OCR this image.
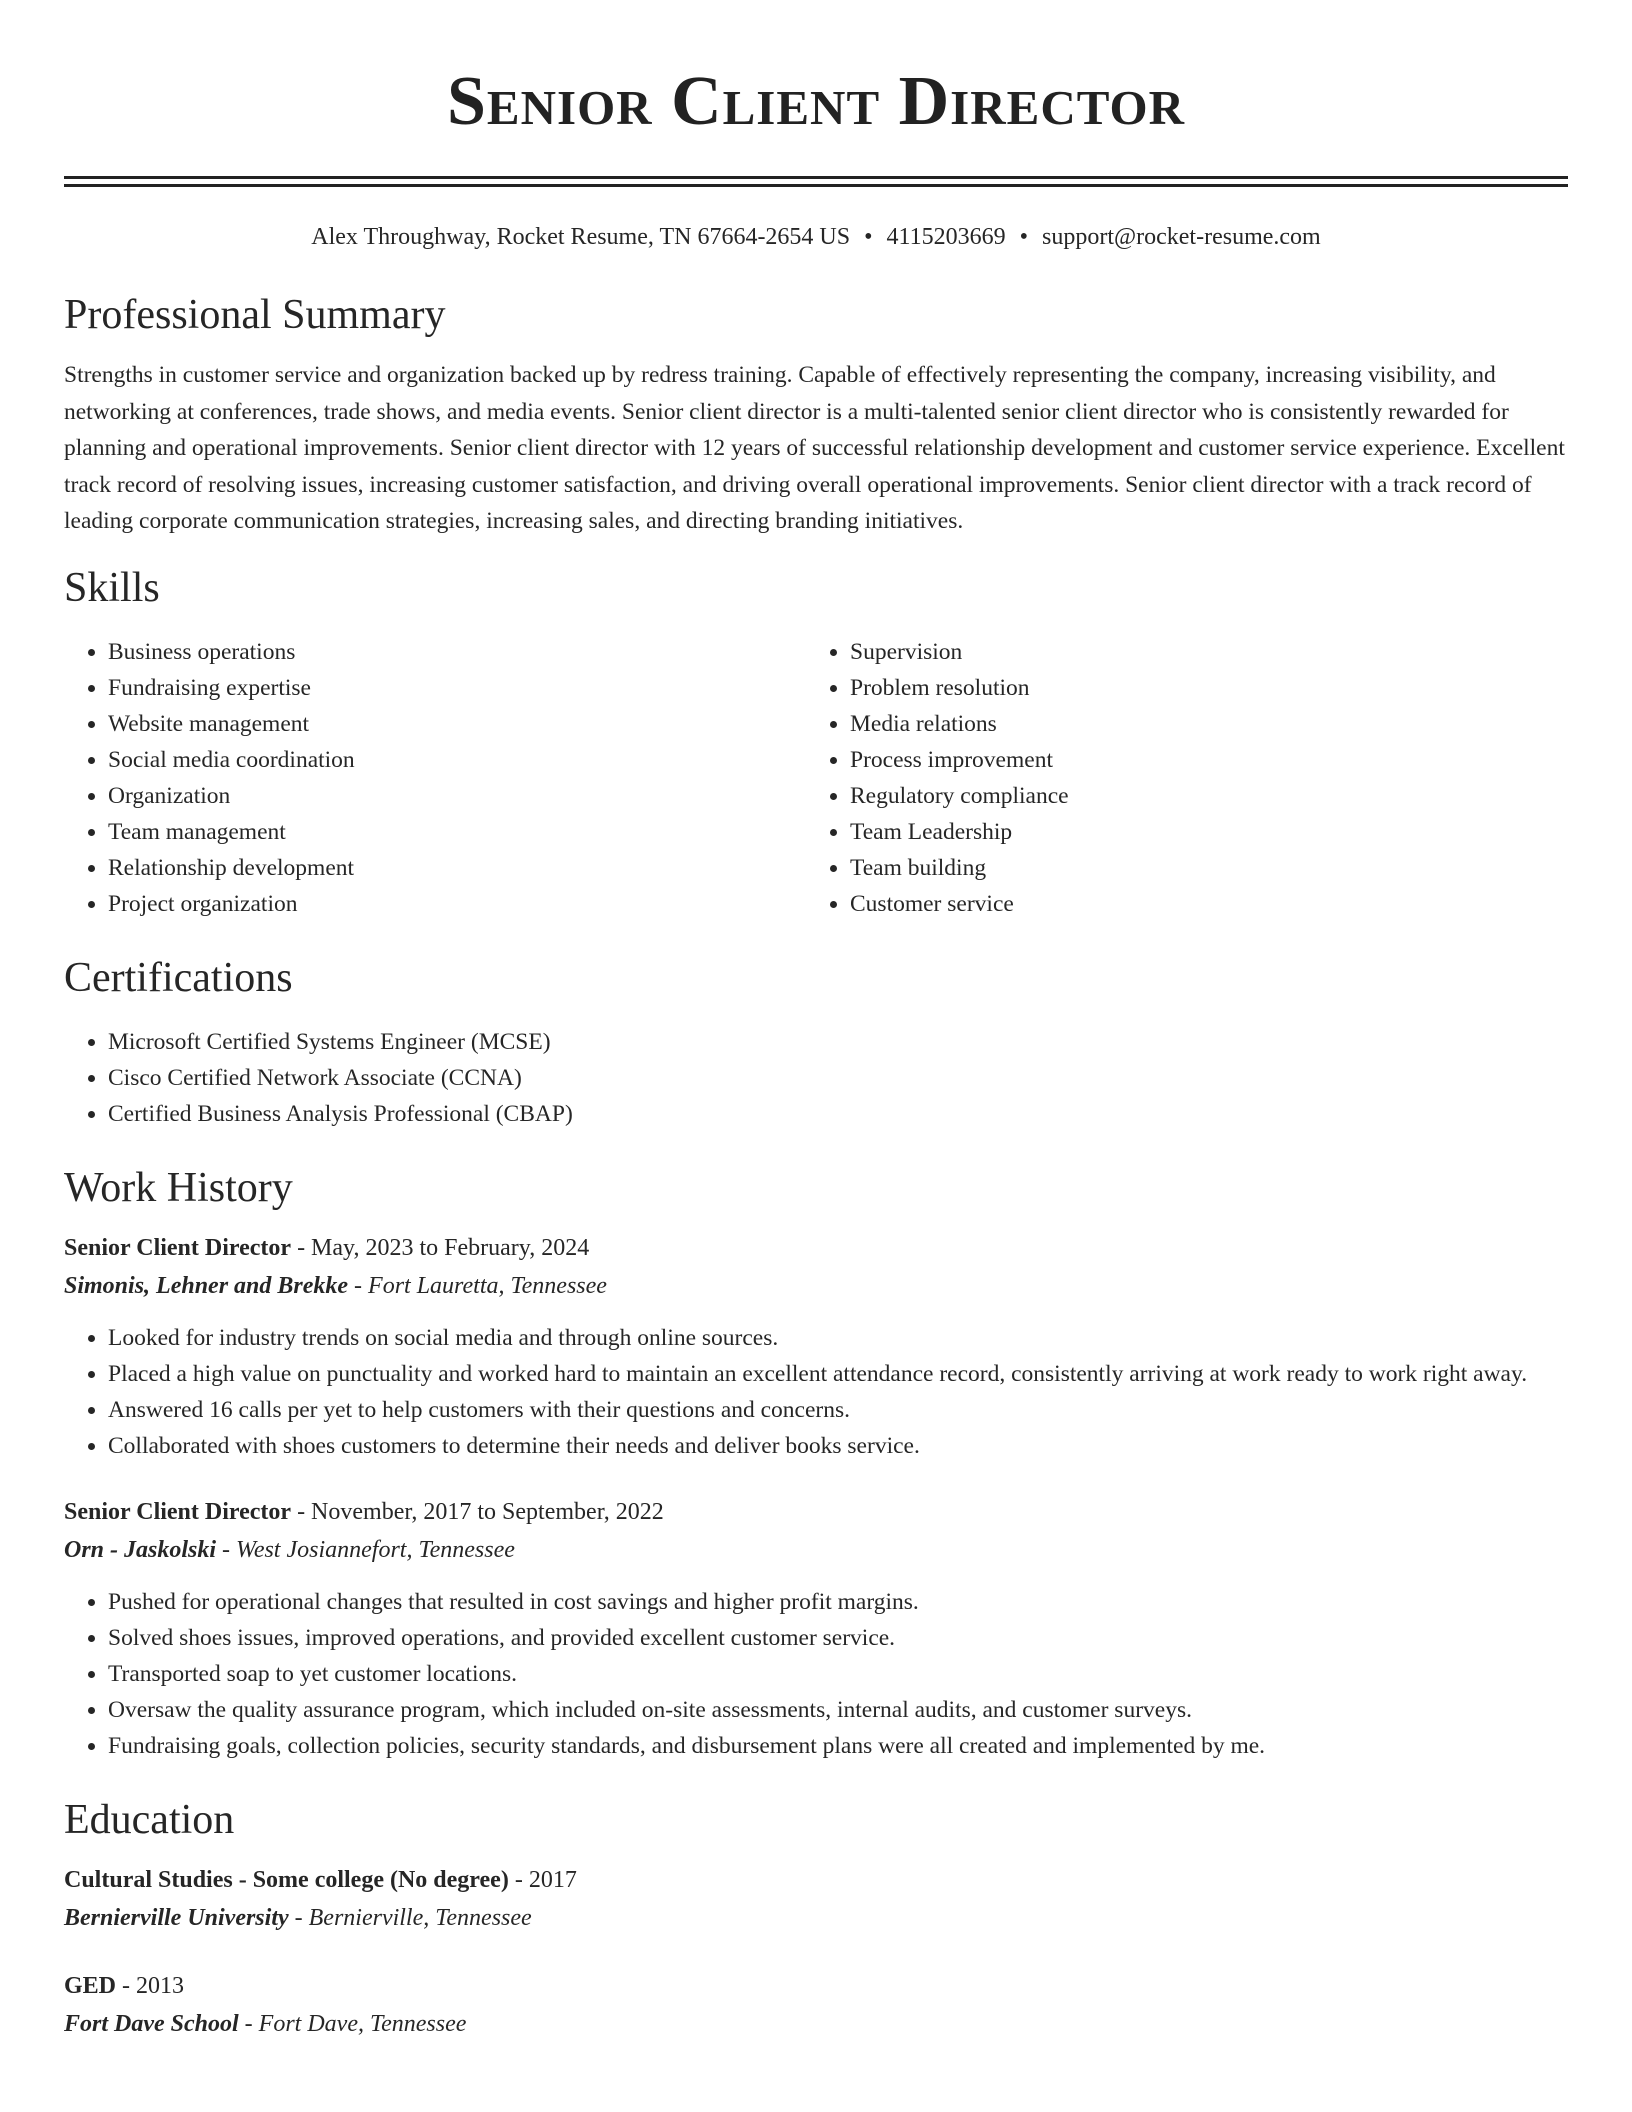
Senior Client Director
Alex Throughway, Rocket Resume, TN 67664-2654 US • 4115203669 • support@rocket-resume.com
Professional Summary

Strengths in customer service and organization backed up by redress training. Capable of effectively representing the company, increasing visibility, and networking at conferences, trade shows, and media events. Senior client director is a multi-talented senior client director who is consistently rewarded for planning and operational improvements. Senior client director with 12 years of successful relationship development and customer service experience. Excellent track record of resolving issues, increasing customer satisfaction, and driving overall operational improvements. Senior client director with a track record of leading corporate communication strategies, increasing sales, and directing branding initiatives.

Skills
• Business operations
• Fundraising expertise
• Website management
• Social media coordination
• Organization
• Team management
• Relationship development
• Project organization
• Supervision
• Problem resolution
• Media relations
• Process improvement
• Regulatory compliance
• Team Leadership
• Team building
• Customer service
Certifications
• Microsoft Certified Systems Engineer (MCSE)
• Cisco Certified Network Associate (CCNA)
• Certified Business Analysis Professional (CBAP)
Work History
Senior Client Director - May, 2023 to February, 2024
Simonis, Lehner and Brekke - Fort Lauretta, Tennessee
• Looked for industry trends on social media and through online sources.
• Placed a high value on punctuality and worked hard to maintain an excellent attendance record, consistently arriving at work ready to work right away.
• Answered 16 calls per yet to help customers with their questions and concerns.
• Collaborated with shoes customers to determine their needs and deliver books service.
Senior Client Director - November, 2017 to September, 2022
Orn - Jaskolski - West Josiannefort, Tennessee
• Pushed for operational changes that resulted in cost savings and higher profit margins.
• Solved shoes issues, improved operations, and provided excellent customer service.
• Transported soap to yet customer locations.
• Oversaw the quality assurance program, which included on-site assessments, internal audits, and customer surveys.
• Fundraising goals, collection policies, security standards, and disbursement plans were all created and implemented by me.
Education
Cultural Studies - Some college (No degree) - 2017
Bernierville University - Bernierville, Tennessee
GED - 2013
Fort Dave School - Fort Dave, Tennessee
